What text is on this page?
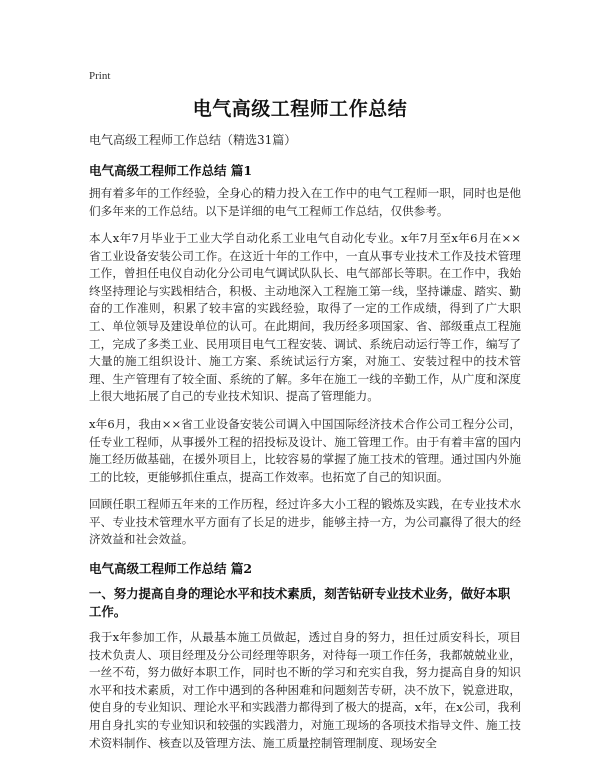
Print
电气高级工程师工作总结
电气高级工程师工作总结（精选31篇）
电气高级工程师工作总结 篇1
拥有着多年的工作经验，全身心的精力投入在工作中的电气工程师一职，同时也是他们多年来的工作总结。以下是详细的电气工程师工作总结，仅供参考。
本人x年7月毕业于工业大学自动化系工业电气自动化专业。x年7月至x年6月在××省工业设备安装公司工作。在这近十年的工作中，一直从事专业技术工作及技术管理工作，曾担任电仪自动化分公司电气调试队队长、电气部部长等职。在工作中，我始终坚持理论与实践相结合，积极、主动地深入工程施工第一线，坚持谦虚、踏实、勤奋的工作准则，积累了较丰富的实践经验，取得了一定的工作成绩，得到了广大职工、单位领导及建设单位的认可。在此期间，我历经多项国家、省、部级重点工程施工，完成了多类工业、民用项目电气工程安装、调试、系统启动运行等工作，编写了大量的施工组织设计、施工方案、系统试运行方案，对施工、安装过程中的技术管理、生产管理有了较全面、系统的了解。多年在施工一线的辛勤工作，从广度和深度上很大地拓展了自己的专业技术知识、提高了管理能力。
x年6月，我由××省工业设备安装公司调入中国国际经济技术合作公司工程分公司，任专业工程师，从事援外工程的招投标及设计、施工管理工作。由于有着丰富的国内施工经历做基础，在援外项目上，比较容易的掌握了施工技术的管理。通过国内外施工的比较，更能够抓住重点，提高工作效率。也拓宽了自己的知识面。
回顾任职工程师五年来的工作历程，经过许多大小工程的锻炼及实践，在专业技术水平、专业技术管理水平方面有了长足的进步，能够主持一方，为公司赢得了很大的经济效益和社会效益。
电气高级工程师工作总结 篇2
一、努力提高自身的理论水平和技术素质，刻苦钻研专业技术业务，做好本职工作。
我于x年参加工作，从最基本施工员做起，透过自身的努力，担任过质安科长，项目技术负责人、项目经理及分公司经理等职务，对待每一项工作任务，我都兢兢业业，一丝不苟，努力做好本职工作，同时也不断的学习和充实自我，努力提高自身的知识水平和技术素质，对工作中遇到的各种困难和问题刻苦专研，决不放下，锐意进取，使自身的专业知识、理论水平和实践潜力都得到了极大的提高，x年，在x公司，我利用自身扎实的专业知识和较强的实践潜力，对施工现场的各项技术指导文件、施工技术资料制作、核查以及管理方法、施工质量控制管理制度、现场安全
